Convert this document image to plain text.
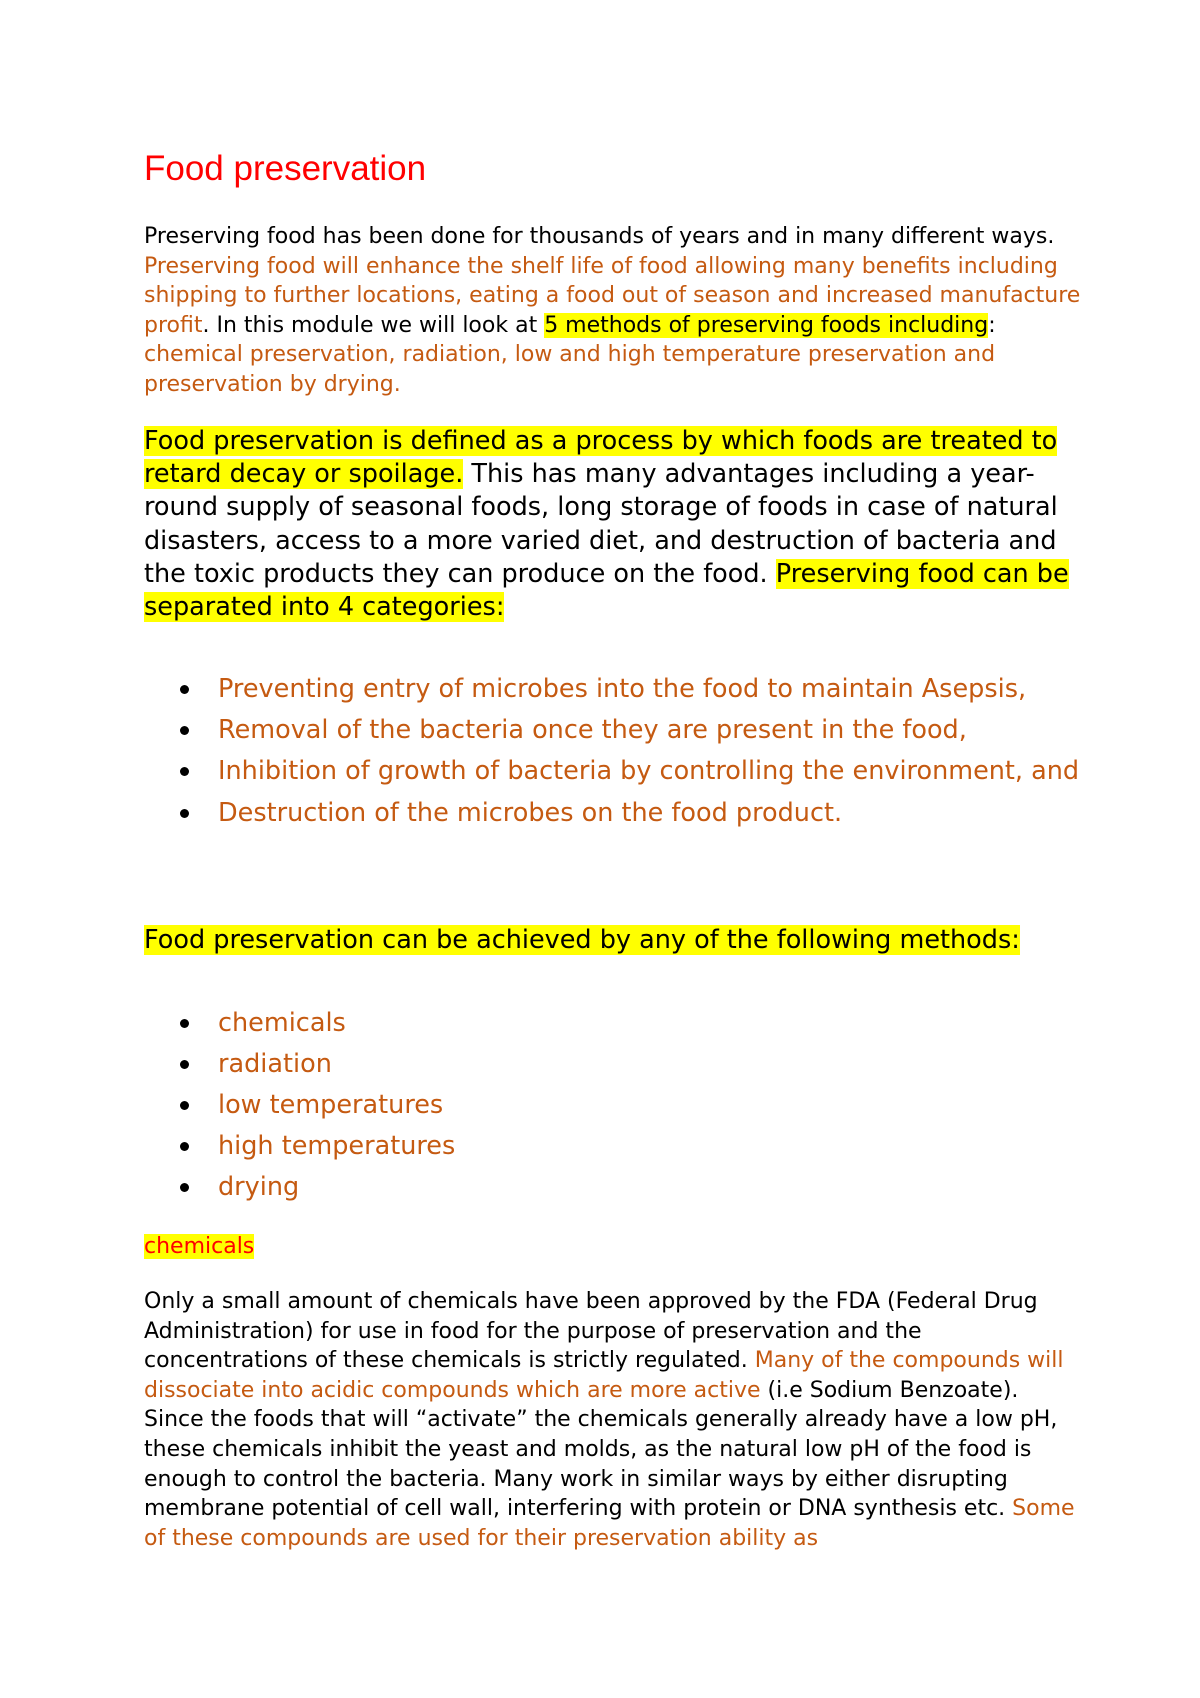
Food preservation

Preserving food has been done for thousands of years and in many different ways. Preserving food will enhance the shelf life of food allowing many benefits including shipping to further locations, eating a food out of season and increased manufacture profit. In this module we will look at 5 methods of preserving foods including: chemical preservation, radiation, low and high temperature preservation and preservation by drying.

Food preservation is defined as a process by which foods are treated to retard decay or spoilage. This has many advantages including a year-round supply of seasonal foods, long storage of foods in case of natural disasters, access to a more varied diet, and destruction of bacteria and the toxic products they can produce on the food. Preserving food can be separated into 4 categories:

Preventing entry of microbes into the food to maintain Asepsis,
Removal of the bacteria once they are present in the food,
Inhibition of growth of bacteria by controlling the environment, and
Destruction of the microbes on the food product.

Food preservation can be achieved by any of the following methods:

chemicals
radiation
low temperatures
high temperatures
drying
chemicals

Only a small amount of chemicals have been approved by the FDA (Federal Drug Administration) for use in food for the purpose of preservation and the concentrations of these chemicals is strictly regulated. Many of the compounds will dissociate into acidic compounds which are more active (i.e Sodium Benzoate). Since the foods that will “activate” the chemicals generally already have a low pH, these chemicals inhibit the yeast and molds, as the natural low pH of the food is enough to control the bacteria. Many work in similar ways by either disrupting membrane potential of cell wall, interfering with protein or DNA synthesis etc. Some of these compounds are used for their preservation ability as
